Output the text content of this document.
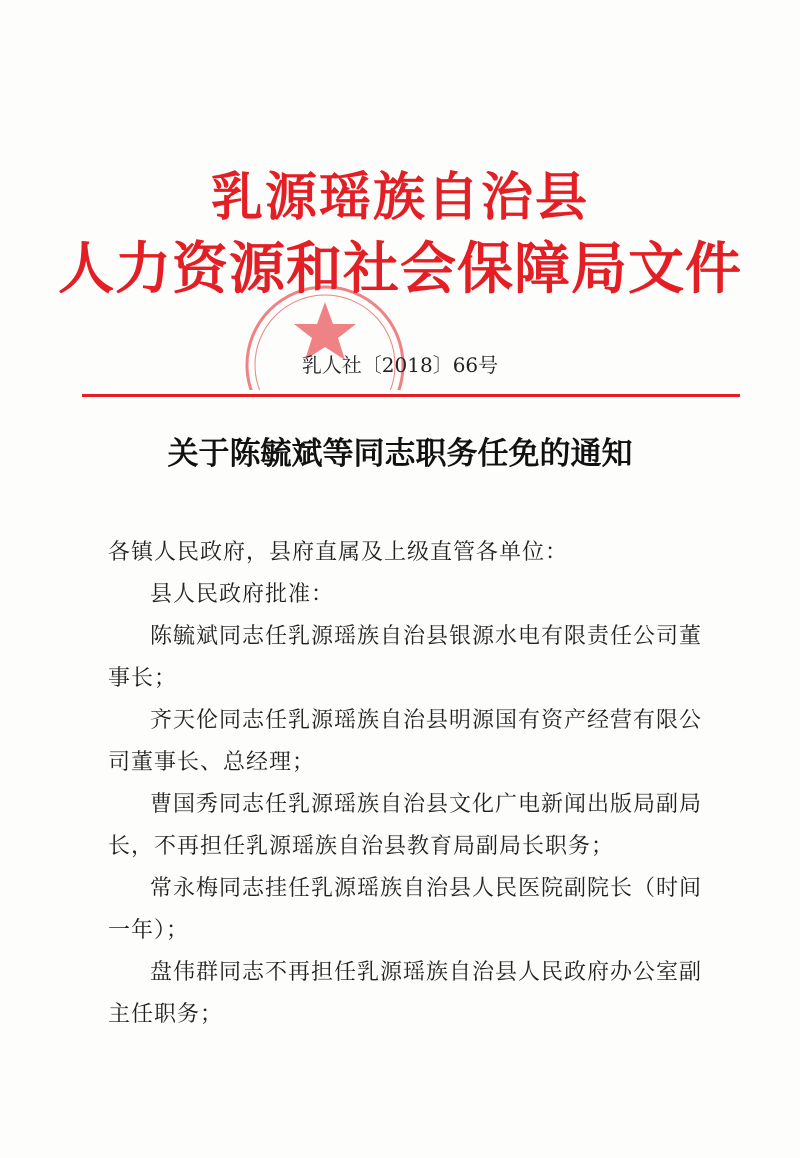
乳源瑶族自治县
人力资源和社会保障局文件
乳人社〔2018〕66号
关于陈毓斌等同志职务任免的通知
各镇人民政府，县府直属及上级直管各单位：
县人民政府批准：
陈毓斌同志任乳源瑶族自治县银源水电有限责任公司董
事长；
齐天伦同志任乳源瑶族自治县明源国有资产经营有限公
司董事长、总经理；
曹国秀同志任乳源瑶族自治县文化广电新闻出版局副局
长，不再担任乳源瑶族自治县教育局副局长职务；
常永梅同志挂任乳源瑶族自治县人民医院副院长（时间
一年）；
盘伟群同志不再担任乳源瑶族自治县人民政府办公室副
主任职务；
